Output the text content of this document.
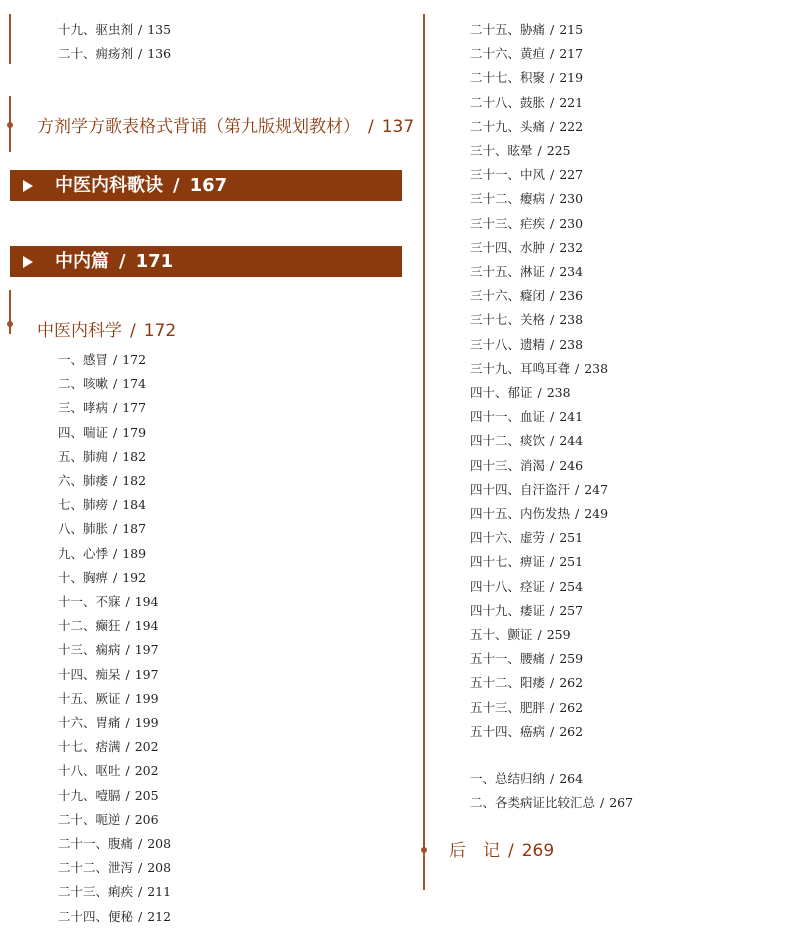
十九、驱虫剂 / 135
二十、痈疡剂 / 136
方剂学方歌表格式背诵（第九版规划教材） / 137
中医内科歌诀 / 167
中内篇 / 171
中医内科学 / 172
一、感冒 / 172
二、咳嗽 / 174
三、哮病 / 177
四、喘证 / 179
五、肺痈 / 182
六、肺痿 / 182
七、肺痨 / 184
八、肺胀 / 187
九、心悸 / 189
十、胸痹 / 192
十一、不寐 / 194
十二、癫狂 / 194
十三、痫病 / 197
十四、痴呆 / 197
十五、厥证 / 199
十六、胃痛 / 199
十七、痞满 / 202
十八、呕吐 / 202
十九、噎膈 / 205
二十、呃逆 / 206
二十一、腹痛 / 208
二十二、泄泻 / 208
二十三、痢疾 / 211
二十四、便秘 / 212
二十五、胁痛 / 215
二十六、黄疸 / 217
二十七、积聚 / 219
二十八、鼓胀 / 221
二十九、头痛 / 222
三十、眩晕 / 225
三十一、中风 / 227
三十二、瘿病 / 230
三十三、疟疾 / 230
三十四、水肿 / 232
三十五、淋证 / 234
三十六、癃闭 / 236
三十七、关格 / 238
三十八、遗精 / 238
三十九、耳鸣耳聋 / 238
四十、郁证 / 238
四十一、血证 / 241
四十二、痰饮 / 244
四十三、消渴 / 246
四十四、自汗盗汗 / 247
四十五、内伤发热 / 249
四十六、虚劳 / 251
四十七、痹证 / 251
四十八、痉证 / 254
四十九、痿证 / 257
五十、颤证 / 259
五十一、腰痛 / 259
五十二、阳痿 / 262
五十三、肥胖 / 262
五十四、癌病 / 262
一、总结归纳 / 264
二、各类病证比较汇总 / 267
后　记 / 269
